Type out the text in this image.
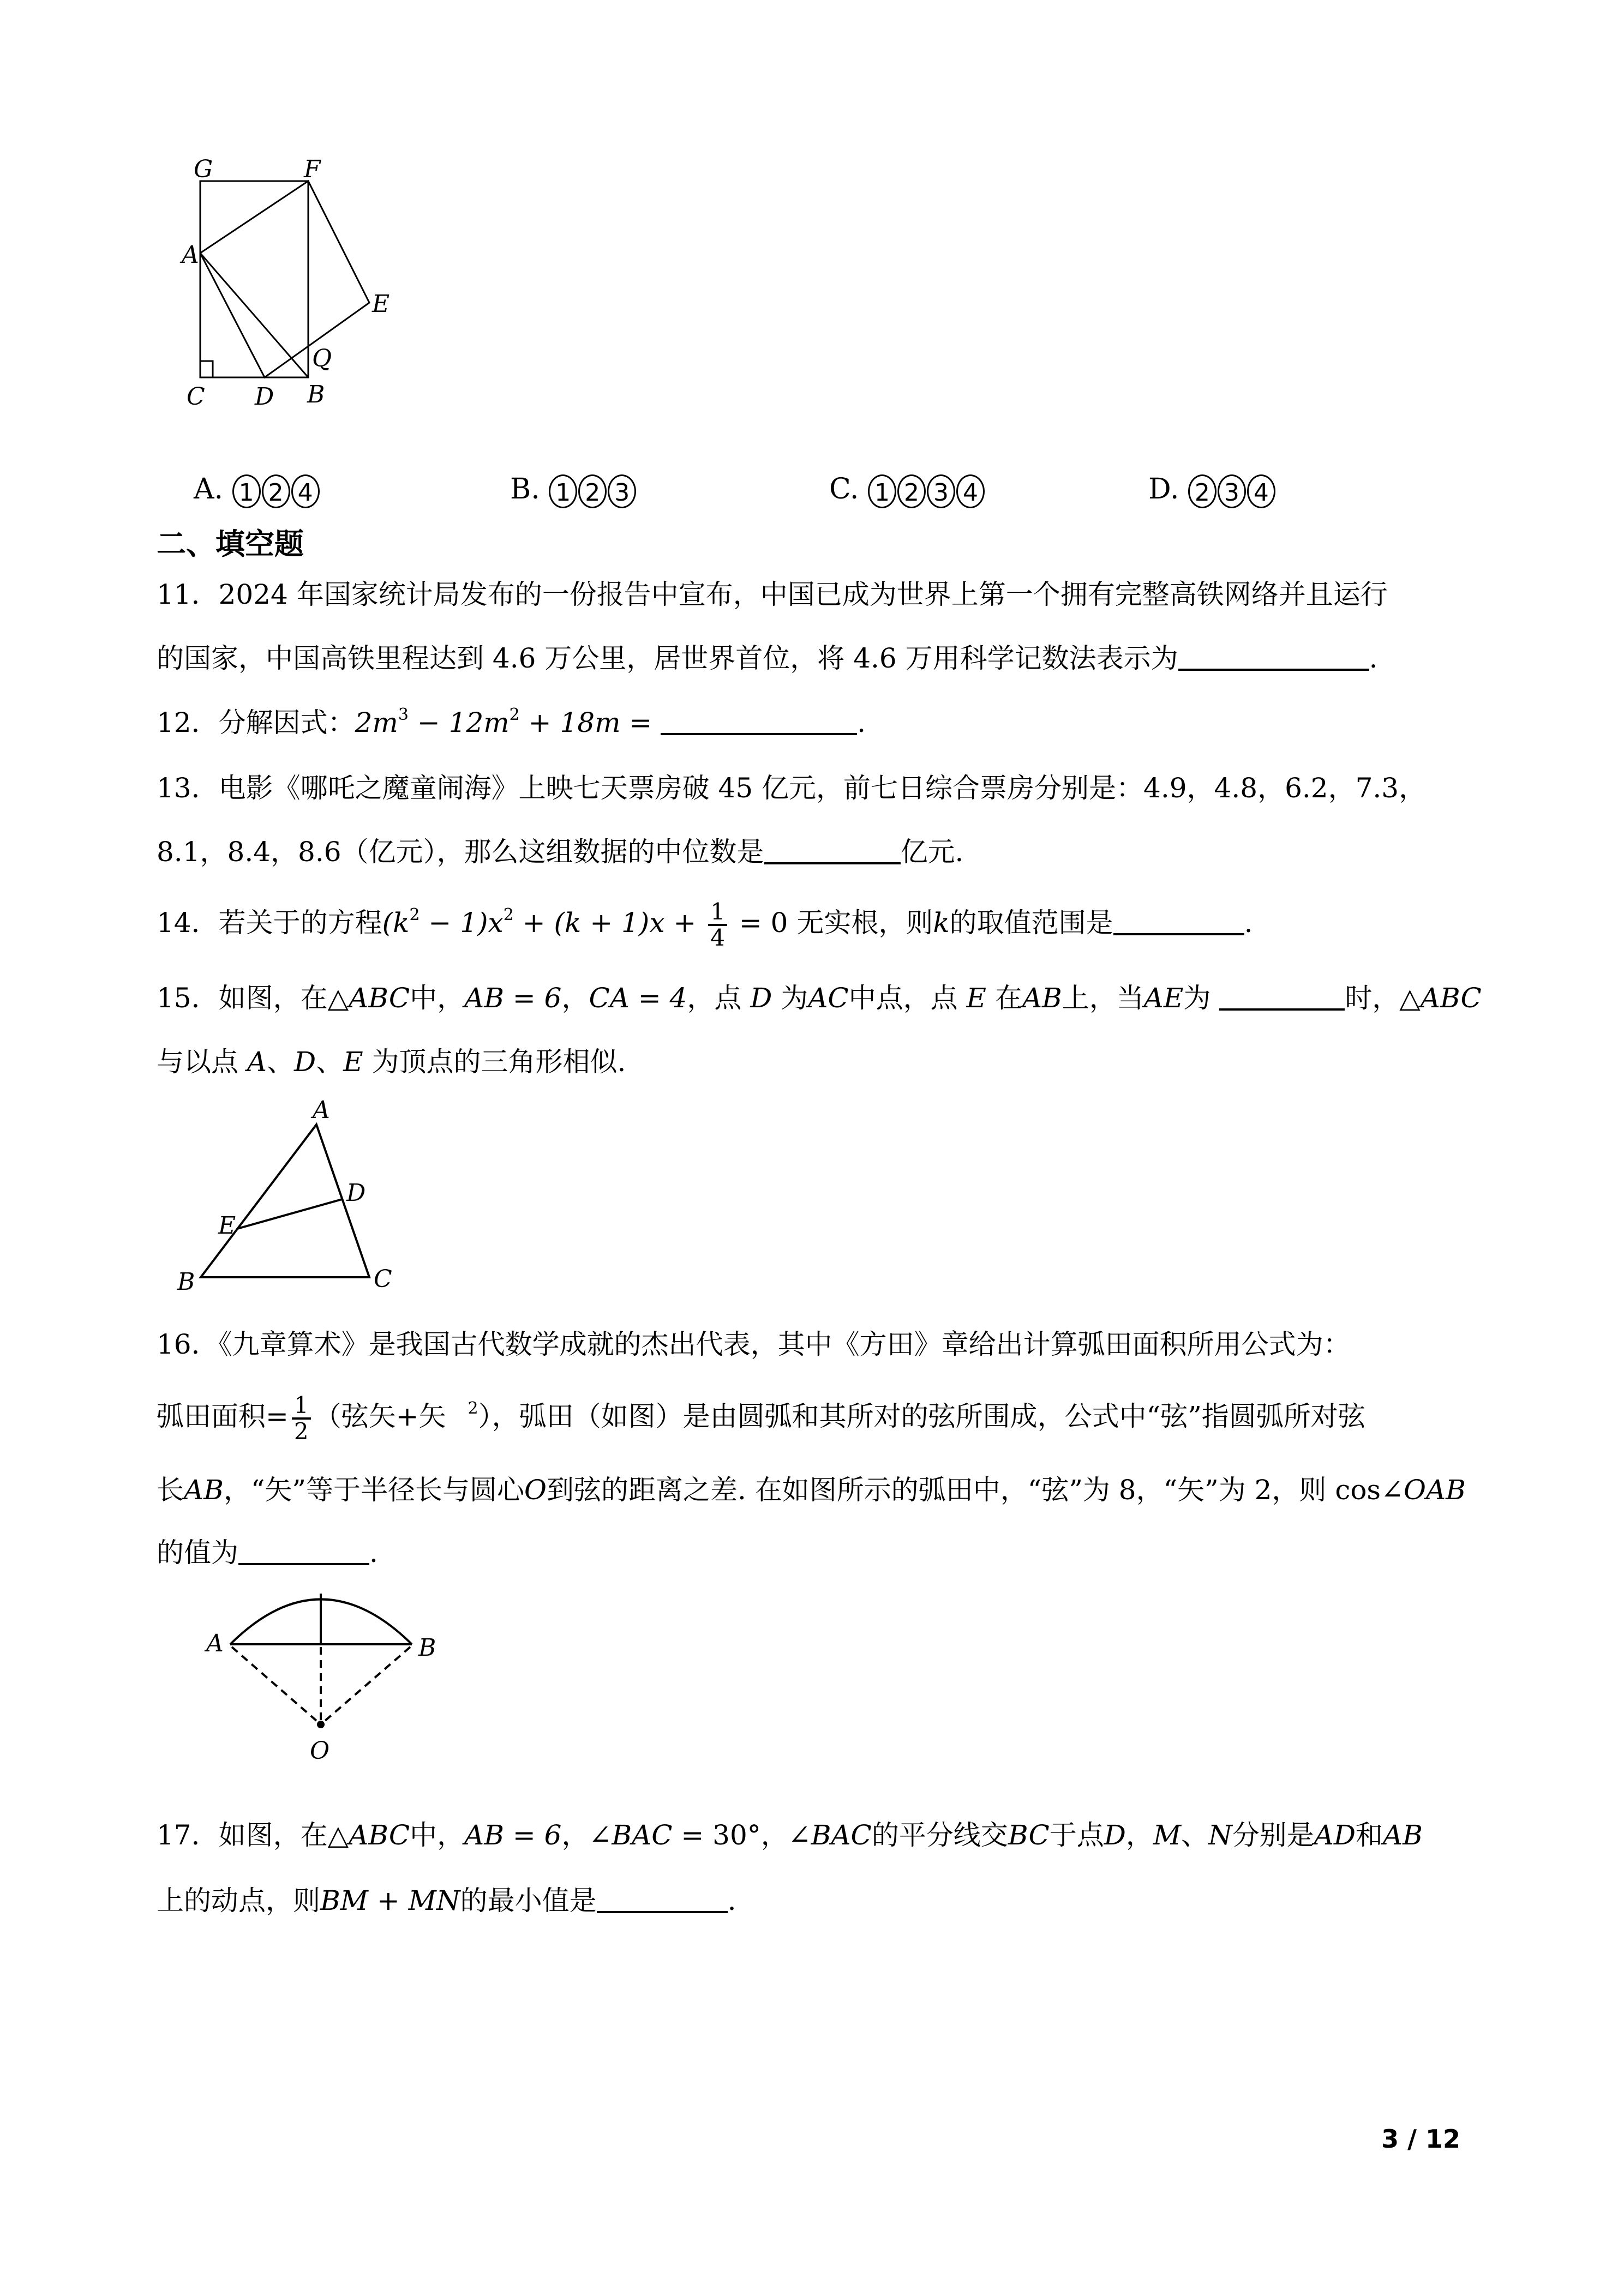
G	F
A
E
Q
C D B
A. 1 2 4	B. 1 2 3	C. 1 2 3 4	D. 2 3 4
二、填空题
11．2024 年国家统计局发布的一份报告中宣布，中国已成为世界上第一个拥有完整高铁网络并且运行
的国家，中国高铁里程达到 4.6 万公里，居世界首位，将 4.6 万用科学记数法表示为	.
12．分解因式：$2m^3 - 12m^2 + 18m$ =	.
13．电影《哪吒之魔童闹海》上映七天票房破 45 亿元，前七日综合票房分别是：4.9，4.8，6.2，7.3，
8.1，8.4，8.6（亿元），那么这组数据的中位数是	亿元.
14．若关于的方程$(k^2 - 1)x^2 + (k + 1)x + \frac{1}{4} = 0$ 无实根，则k的取值范围是	.
15．如图，在△ABC中，AB = 6，CA = 4，点 D 为AC中点，点 E 在AB上，当AE为	时，△ABC
与以点 A、D、E 为顶点的三角形相似.
A
D
E
B	C
16．《九章算术》是我国古代数学成就的杰出代表，其中《方田》章给出计算弧田面积所用公式为：
弧田面积= $\frac{1}{2}$ （弦矢+矢 $^2$），弧田（如图）是由圆弧和其所对的弦所围成，公式中“弦”指圆弧所对弦
长AB，“矢”等于半径长与圆心O到弦的距离之差. 在如图所示的弧田中，“弦”为 8，“矢”为 2，则 cos∠OAB
的值为	.
A	B
O
17．如图，在△ABC中，AB = 6，∠BAC = 30°，∠BAC的平分线交BC于点D，M、N分别是AD和AB
上的动点，则BM + MN的最小值是	.
3 / 12
